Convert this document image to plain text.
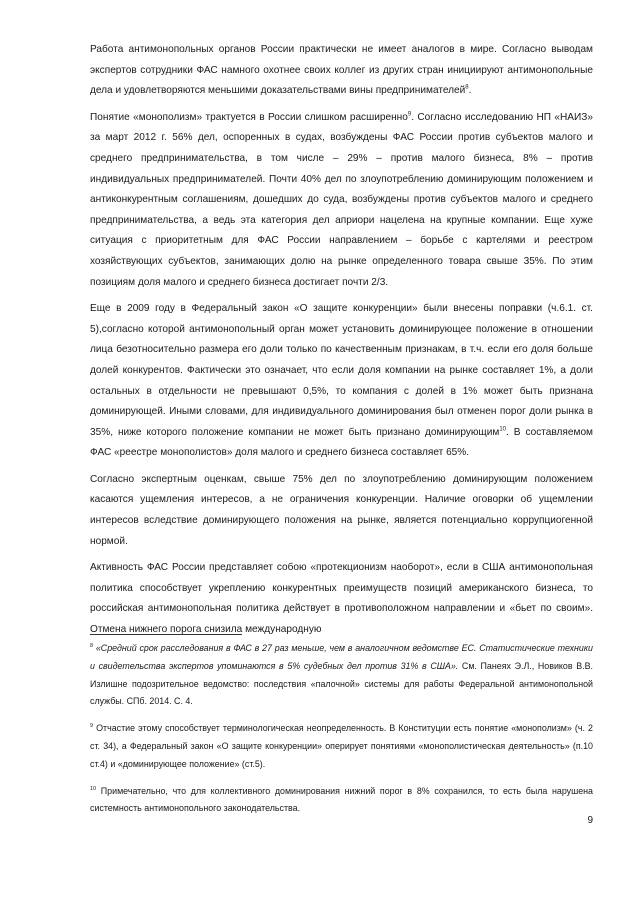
Работа антимонопольных органов России практически не имеет аналогов в мире. Согласно выводам экспертов сотрудники ФАС намного охотнее своих коллег из других стран инициируют антимонопольные дела и удовлетворяются меньшими доказательствами вины предпринимателей$^8$.

Понятие «монополизм» трактуется в России слишком расширенно$^9$. Согласно исследованию НП «НАИЗ» за март 2012 г. 56% дел, оспоренных в судах, возбуждены ФАС России против субъектов малого и среднего предпринимательства, в том числе – 29% – против малого бизнеса, 8% – против индивидуальных предпринимателей. Почти 40% дел по злоупотреблению доминирующим положением и антиконкурентным соглашениям, дошедших до суда, возбуждены против субъектов малого и среднего предпринимательства, а ведь эта категория дел априори нацелена на крупные компании. Еще хуже ситуация с приоритетным для ФАС России направлением – борьбе с картелями и реестром хозяйствующих субъектов, занимающих долю на рынке определенного товара свыше 35%. По этим позициям доля малого и среднего бизнеса достигает почти 2/3.

Еще в 2009 году в Федеральный закон «О защите конкуренции» были внесены поправки (ч.6.1. ст. 5),согласно которой антимонопольный орган может установить доминирующее положение в отношении лица безотносительно размера его доли только по качественным признакам, в т.ч. если его доля больше долей конкурентов. Фактически это означает, что если доля компании на рынке составляет 1%, а доли остальных в отдельности не превышают 0,5%, то компания с долей в 1% может быть признана доминирующей. Иными словами, для индивидуального доминирования был отменен порог доли рынка в 35%, ниже которого положение компании не может быть признано доминирующим$^{10}$. В составляемом ФАС «реестре монополистов» доля малого и среднего бизнеса составляет 65%.

Согласно экспертным оценкам, свыше 75% дел по злоупотреблению доминирующим положением касаются ущемления интересов, а не ограничения конкуренции. Наличие оговорки об ущемлении интересов вследствие доминирующего положения на рынке, является потенциально коррупциогенной нормой.

Активность ФАС России представляет собою «протекционизм наоборот», если в США антимонопольная политика способствует укреплению конкурентных преимуществ позиций американского бизнеса, то российская антимонопольная политика действует в противоположном направлении и «бьет по своим». Отмена нижнего порога снизила международную

$^8$ «Средний срок расследования в ФАС в 27 раз меньше, чем в аналогичном ведомстве ЕС. Статистические техники и свидетельства экспертов упоминаются в 5% судебных дел против 31% в США». См. Панеях Э.Л., Новиков В.В. Излишне подозрительное ведомство: последствия «палочной» системы для работы Федеральной антимонопольной службы. СПб. 2014. С. 4.

$^9$ Отчастие этому способствует терминологическая неопределенность. В Конституции есть понятие «монополизм» (ч. 2 ст. 34), а Федеральный закон «О защите конкуренции» оперирует понятиями «монополистическая деятельность» (п.10 ст.4) и «доминирующее положение» (ст.5).

$^{10}$ Примечательно, что для коллективного доминирования нижний порог в 8% сохранился, то есть была нарушена системность антимонопольного законодательства.

9
